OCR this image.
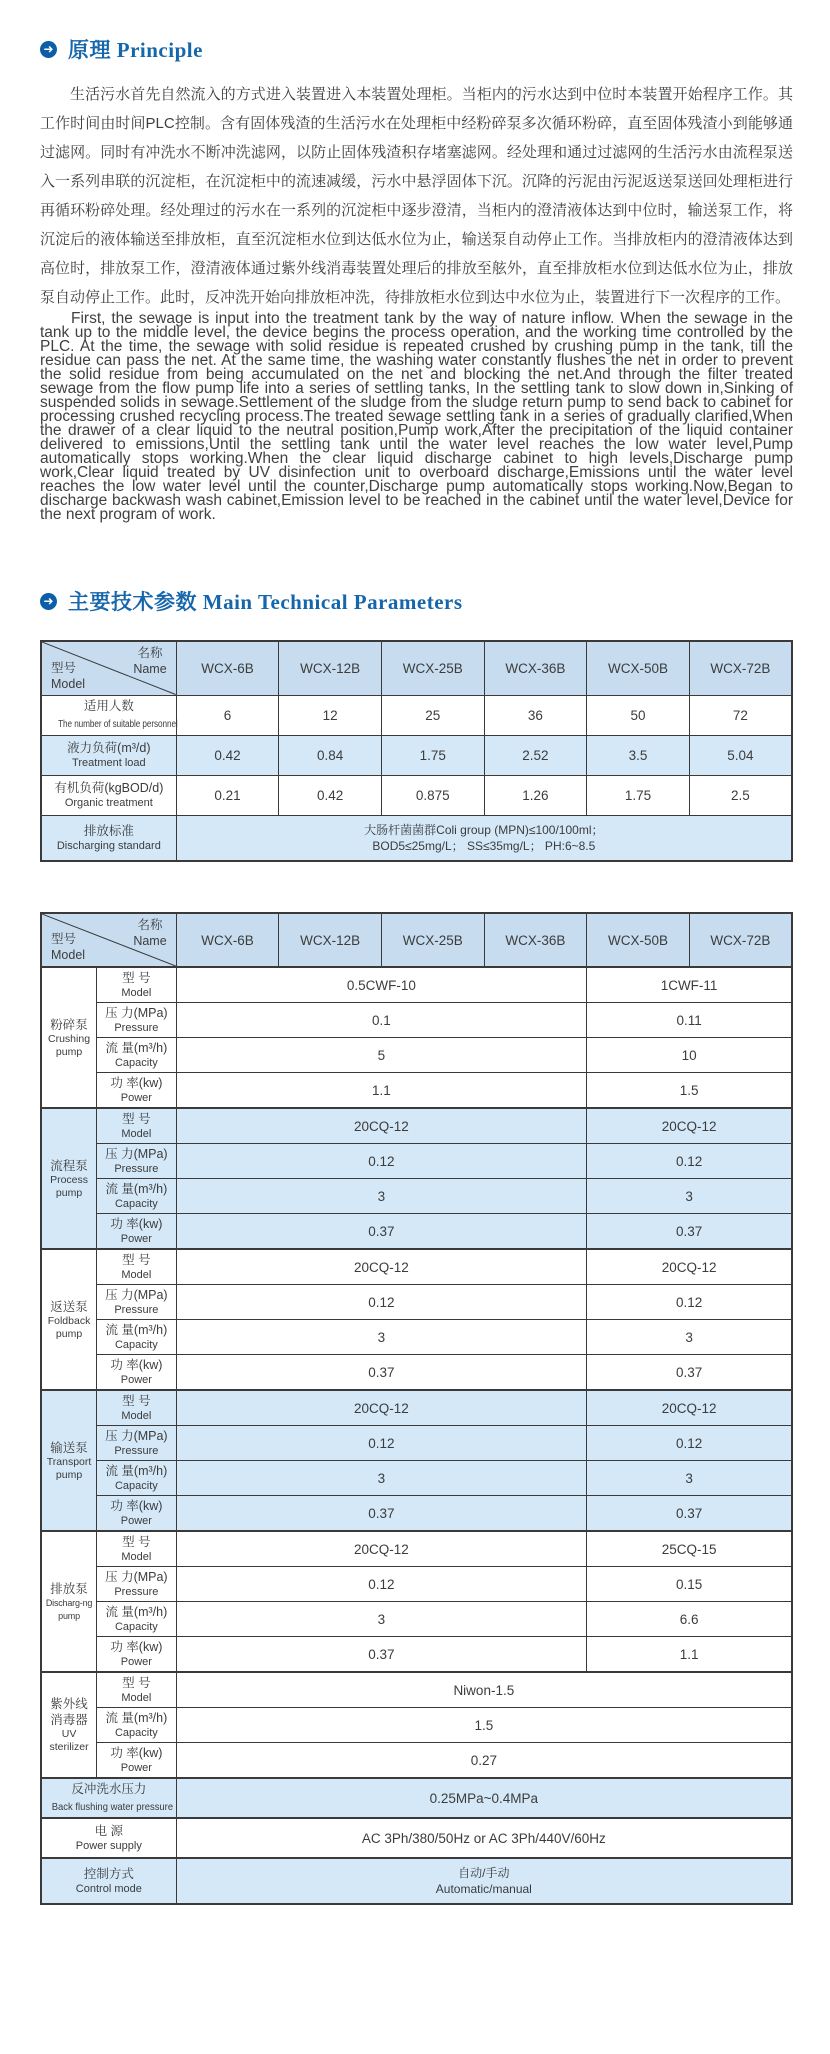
➜ 原理 Principle

生活污水首先自然流入的方式进入装置进入本装置处理柜。当柜内的污水达到中位时本装置开始程序工作。其工作时间由时间PLC控制。含有固体残渣的生活污水在处理柜中经粉碎泵多次循环粉碎，直至固体残渣小到能够通过滤网。同时有冲洗水不断冲洗滤网，以防止固体残渣积存堵塞滤网。经处理和通过过滤网的生活污水由流程泵送入一系列串联的沉淀柜，在沉淀柜中的流速减缓，污水中悬浮固体下沉。沉降的污泥由污泥返送泵送回处理柜进行再循环粉碎处理。经处理过的污水在一系列的沉淀柜中逐步澄清，当柜内的澄清液体达到中位时，输送泵工作，将沉淀后的液体输送至排放柜，直至沉淀柜水位到达低水位为止，输送泵自动停止工作。当排放柜内的澄清液体达到高位时，排放泵工作，澄清液体通过紫外线消毒装置处理后的排放至舷外，直至排放柜水位到达低水位为止，排放泵自动停止工作。此时，反冲洗开始向排放柜冲洗，待排放柜水位到达中水位为止，装置进行下一次程序的工作。

First, the sewage is input into the treatment tank by the way of nature inflow. When the sewage in the tank up to the middle level, the device begins the process operation, and the working time controlled by the PLC. At the time, the sewage with solid residue is repeated crushed by crushing pump in the tank, till the residue can pass the net. At the same time, the washing water constantly flushes the net in order to prevent the solid residue from being accumulated on the net and blocking the net.And through the filter treated sewage from the flow pump life into a series of settling tanks, In the settling tank to slow down in,Sinking of suspended solids in sewage.Settlement of the sludge from the sludge return pump to send back to cabinet for processing crushed recycling process.The treated sewage settling tank in a series of gradually clarified,When the drawer of a clear liquid to the neutral position,Pump work,After the precipitation of the liquid container delivered to emissions,Until the settling tank until the water level reaches the low water level,Pump automatically stops working.When the clear liquid discharge cabinet to high levels,Discharge pump work,Clear liquid treated by UV disinfection unit to overboard discharge,Emissions until the water level reaches the low water level until the counter,Discharge pump automatically stops working.Now,Began to discharge backwash wash cabinet,Emission level to be reached in the cabinet until the water level,Device for the next program of work.

➜ 主要技术参数 Main Technical Parameters
名称
Name
型号
Model	WCX-6B	WCX-12B	WCX-25B	WCX-36B	WCX-50B	WCX-72B

适用人数
The number of suitable personnel	6	12	25	36	50	72

液力负荷(m³/d)
Treatment load	0.42	0.84	1.75	2.52	3.5	5.04

有机负荷(kgBOD/d)
Organic treatment	0.21	0.42	0.875	1.26	1.75	2.5

排放标准
Discharging standard	大肠杆菌菌群Coli group (MPN)≤100/100ml；
BOD5≤25mg/L； SS≤35mg/L； PH:6~8.5					
名称
Name
型号
Model		WCX-6B	WCX-12B	WCX-25B	WCX-36B	WCX-50B	WCX-72B

粉碎泵
Crushing pump	型 号
Model	0.5CWF-10				1CWF-11	

	压 力(MPa)
Pressure	0.1				0.11	

	流 量(m³/h)
Capacity	5				10	

	功 率(kw)
Power	1.1				1.5	

流程泵
Process pump	型 号
Model	20CQ-12				20CQ-12	

	压 力(MPa)
Pressure	0.12				0.12	

	流 量(m³/h)
Capacity	3				3	

	功 率(kw)
Power	0.37				0.37	

返送泵
Foldback pump	型 号
Model	20CQ-12				20CQ-12	

	压 力(MPa)
Pressure	0.12				0.12	

	流 量(m³/h)
Capacity	3				3	

	功 率(kw)
Power	0.37				0.37	

输送泵
Transport pump	型 号
Model	20CQ-12				20CQ-12	

	压 力(MPa)
Pressure	0.12				0.12	

	流 量(m³/h)
Capacity	3				3	

	功 率(kw)
Power	0.37				0.37	

排放泵
Discharg-ng pump	型 号
Model	20CQ-12				25CQ-15	

	压 力(MPa)
Pressure	0.12				0.15	

	流 量(m³/h)
Capacity	3				6.6	

	功 率(kw)
Power	0.37				1.1	

紫外线
消毒器
UV
sterilizer	型 号
Model	Niwon-1.5					

	流 量(m³/h)
Capacity	1.5					

	功 率(kw)
Power	0.27					

反冲洗水压力
Back flushing water pressure		0.25MPa~0.4MPa					

电 源
Power supply		AC 3Ph/380/50Hz or AC 3Ph/440V/60Hz					

控制方式
Control mode		自动/手动
Automatic/manual					
